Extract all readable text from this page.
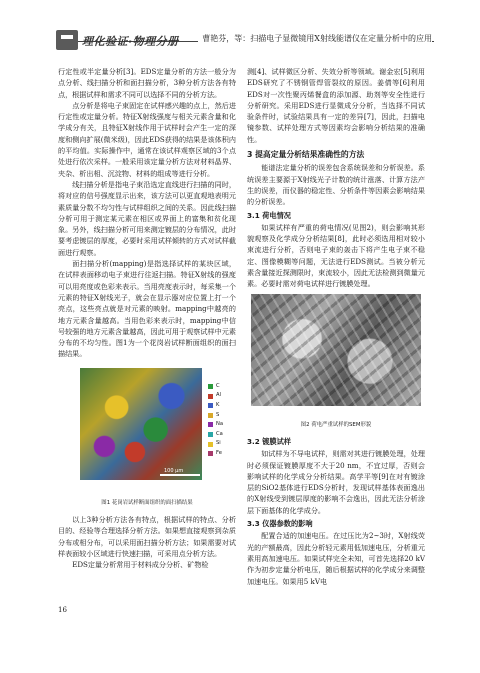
理化验证·物理分册	曹艳芬，等：扫描电子显微镜用X射线能谱仪在定量分析中的应用

行定性或半定量分析[3]。EDS定量分析的方法一般分为点分析、线扫描分析和面扫描分析，3种分析方法各有特点，根据试样和需求不同可以选择不同的分析方法。

点分析是将电子束固定在试样感兴趣的点上，然后进行定性或定量分析。特征X射线强度与相关元素含量和化学成分有关，且特征X射线作用于试样时会产生一定的深度和侧向扩展(微米级)，因此EDS获得的结果是该体积内的平均值。实际操作中，通常在该试样观察区域的3个点处进行依次采样。一般采用该定量分析方法对材料晶界、夹杂、析出相、沉淀物、材料的组成等进行分析。

线扫描分析是指电子束沿选定直线进行扫描的同时，将对应的信号强度显示出来，该方法可以更直观地表明元素质量分数不均匀性与试样组织之间的关系。因此线扫描分析可用于测定某元素在相区或界面上的富集和贫化现象。另外，线扫描分析可用来测定镀层的分布情况，此时要考虑镀层的厚度，必要时采用试样倾转的方式对试样截面进行观察。

面扫描分析(mapping)是指选择试样的某块区域，在试样表面移动电子束进行往返扫描。特征X射线的强度可以用亮度或色彩来表示。当用亮度表示时，每采集一个元素的特征X射线光子，就会在显示器对应位置上打一个亮点，这些亮点就是对元素的映射。mapping中越亮的地方元素含量越高。当用色彩来表示时，mapping中信号较强的地方元素含量越高，因此可用于观察试样中元素分布的不均匀性。图1为一个花岗岩试样断面组织的面扫描结果。

100 μm
C
Al
K
S
Na
Ca
Si
Fe

图1 花岗岩试样断面组织的面扫描结果

以上3种分析方法各有特点，根据试样的特点、分析目的、经验等合理选择分析方法。如果想直接观察到杂质分布或相分布，可以采用面扫描分析方法；如果需要对试样表面较小区域进行快速扫描，可采用点分析方法。

EDS定量分析常用于材料成分分析、矿物检

测[4]、试样微区分析、失效分析等领域。谢金宏[5]利用EDS研究了不锈钢管焊管裂纹的原因。姜倩等[6]利用EDS对一次性聚丙烯餐盒的添加源、助剂等安全性进行分析研究。采用EDS进行显微成分分析，当选择不同试验条件时，试验结果具有一定的差异[7]，因此，扫描电镜参数、试样处理方式等因素均会影响分析结果的准确性。

3 提高定量分析结果准确性的方法

能谱法定量分析的误差包含系统误差和分析误差。系统误差主要源于X射线光子计数的统计涨落、计算方法产生的误差，而仪器的稳定性、分析条件等因素会影响结果的分析误差。

3.1 荷电情况

如果试样有严重的荷电情况(见图2)，则会影响其形貌观察及化学成分分析结果[8]，此时必须选用相对较小束流进行分析，否则电子束的轰击下将产生电子束不稳定、图像模糊等问题，无法进行EDS测试。当被分析元素含量接近探测限时，束流较小，因此无法检测到微量元素。必要时需对荷电试样进行镀膜处理。

图2 荷电严重试样的SEM形貌

3.2 镀膜试样

如试样为不导电试样，则需对其进行镀膜处理，处理时必须保证镀膜厚度不大于20 nm，不宜过厚，否则会影响试样的化学成分分析结果。高学平等[9]在对有镀涂层的SiO2基体进行EDS分析时，发现试样基体表面逸出的X射线受到镀层厚度的影响不会逸出，因此无法分析涂层下面基体的化学成分。

3.3 仪器参数的影响

配置合适的加速电压。在过压比为2~3时，X射线荧光的产额最高，因此分析轻元素用低加速电压，分析重元素用高加速电压。如果试样完全未知，可首先选择20 kV作为初步定量分析电压，随后根据试样的化学成分来调整加速电压。如果用5 kV电

16
